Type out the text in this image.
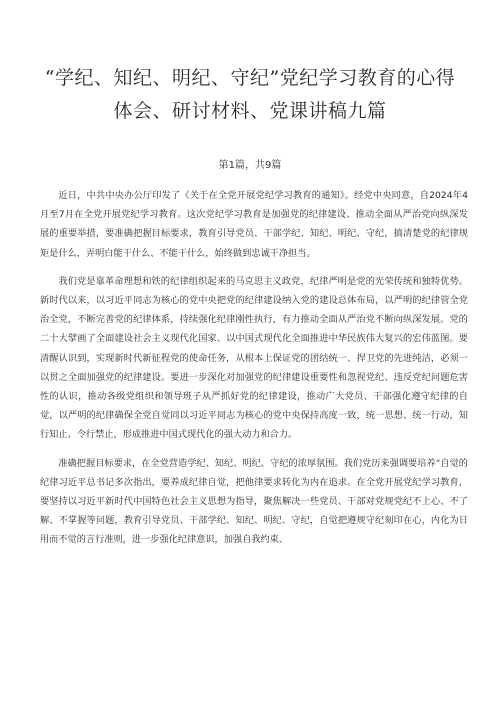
“学纪、知纪、明纪、守纪”党纪学习教育的心得
体会、研讨材料、党课讲稿九篇
第1篇，共9篇

近日，中共中央办公厅印发了《关于在全党开展党纪学习教育的通知》。经党中央同意，自2024年4月至7月在全党开展党纪学习教育。这次党纪学习教育是加强党的纪律建设、推动全面从严治党向纵深发展的重要举措，要准确把握目标要求，教育引导党员、干部学纪、知纪、明纪、守纪，搞清楚党的纪律规矩是什么，弄明白能干什么、不能干什么，始终做到忠诚干净担当。

我们党是靠革命理想和铁的纪律组织起来的马克思主义政党，纪律严明是党的光荣传统和独特优势。新时代以来，以习近平同志为核心的党中央把党的纪律建设纳入党的建设总体布局，以严明的纪律管全党治全党，不断完善党的纪律体系，持续强化纪律刚性执行，有力推动全面从严治党不断向纵深发展。党的二十大擘画了全面建设社会主义现代化国家、以中国式现代化全面推进中华民族伟大复兴的宏伟蓝图。要清醒认识到，实现新时代新征程党的使命任务，从根本上保证党的团结统一、捍卫党的先进纯洁，必须一以贯之全面加强党的纪律建设。要进一步深化对加强党的纪律建设重要性和忽视党纪、违反党纪问题危害性的认识，推动各级党组织和领导班子从严抓好党的纪律建设，推动广大党员、干部强化遵守纪律的自觉，以严明的纪律确保全党自觉同以习近平同志为核心的党中央保持高度一致，统一思想、统一行动，知行知止、令行禁止，形成推进中国式现代化的强大动力和合力。

准确把握目标要求，在全党营造学纪、知纪、明纪、守纪的浓厚氛围。我们党历来强调要培养“自觉的纪律习近平总书记多次指出，要养成纪律自觉，把他律要求转化为内在追求。在全党开展党纪学习教育，要坚持以习近平新时代中国特色社会主义思想为指导，聚焦解决一些党员、干部对党规党纪不上心、不了解、不掌握等问题，教育引导党员、干部学纪、知纪、明纪、守纪，自觉把遵规守纪刻印在心，内化为日用而不觉的言行准则，进一步强化纪律意识，加强自我约束、
